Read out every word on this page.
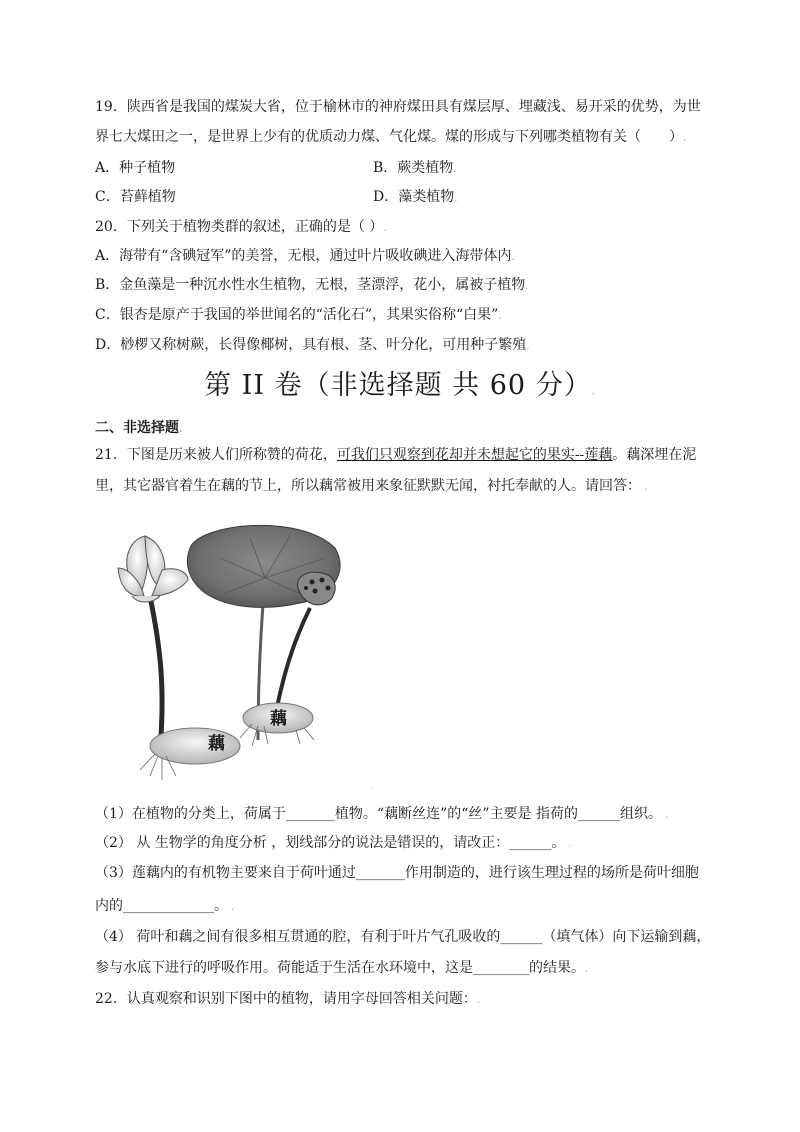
19．陕西省是我国的煤炭大省，位于榆林市的神府煤田具有煤层厚、埋藏浅、易开采的优势，为世
界七大煤田之一，是世界上少有的优质动力煤、气化煤。煤的形成与下列哪类植物有关（　　）.
A．种子植物	B．蕨类植物.
C．苔藓植物	D．藻类植物.
20．下列关于植物类群的叙述，正确的是（ ）.
A．海带有“含碘冠军”的美誉，无根，通过叶片吸收碘进入海带体内.
B．金鱼藻是一种沉水性水生植物，无根，茎漂浮，花小，属被子植物.
C．银杏是原产于我国的举世闻名的“活化石”，其果实俗称“白果”.
D．桫椤又称树蕨，长得像椰树，具有根、茎、叶分化，可用种子繁殖.
第 II 卷（非选择题 共 60 分）.
二、非选择题.
21．下图是历来被人们所称赞的荷花，可我们只观察到花却并未想起它的果实--莲藕。藕深埋在泥
里，其它器官着生在藕的节上，所以藕常被用来象征默默无闻，衬托奉献的人。请回答： .
藕
藕
.
（1）在植物的分类上，荷属于_______植物。“藕断丝连”的“丝”主要是 指荷的______组织。 .
（2） 从 生物学的角度分析 ，划线部分的说法是错误的，请改正：______。 .
（3）莲藕内的有机物主要来自于荷叶通过_______作用制造的，进行该生理过程的场所是荷叶细胞
内的_____________。 .
（4） 荷叶和藕之间有很多相互贯通的腔，有利于叶片气孔吸收的______（填气体）向下运输到藕，
参与水底下进行的呼吸作用。荷能适于生活在水环境中，这是________的结果。.
22．认真观察和识别下图中的植物，请用字母回答相关问题：.
